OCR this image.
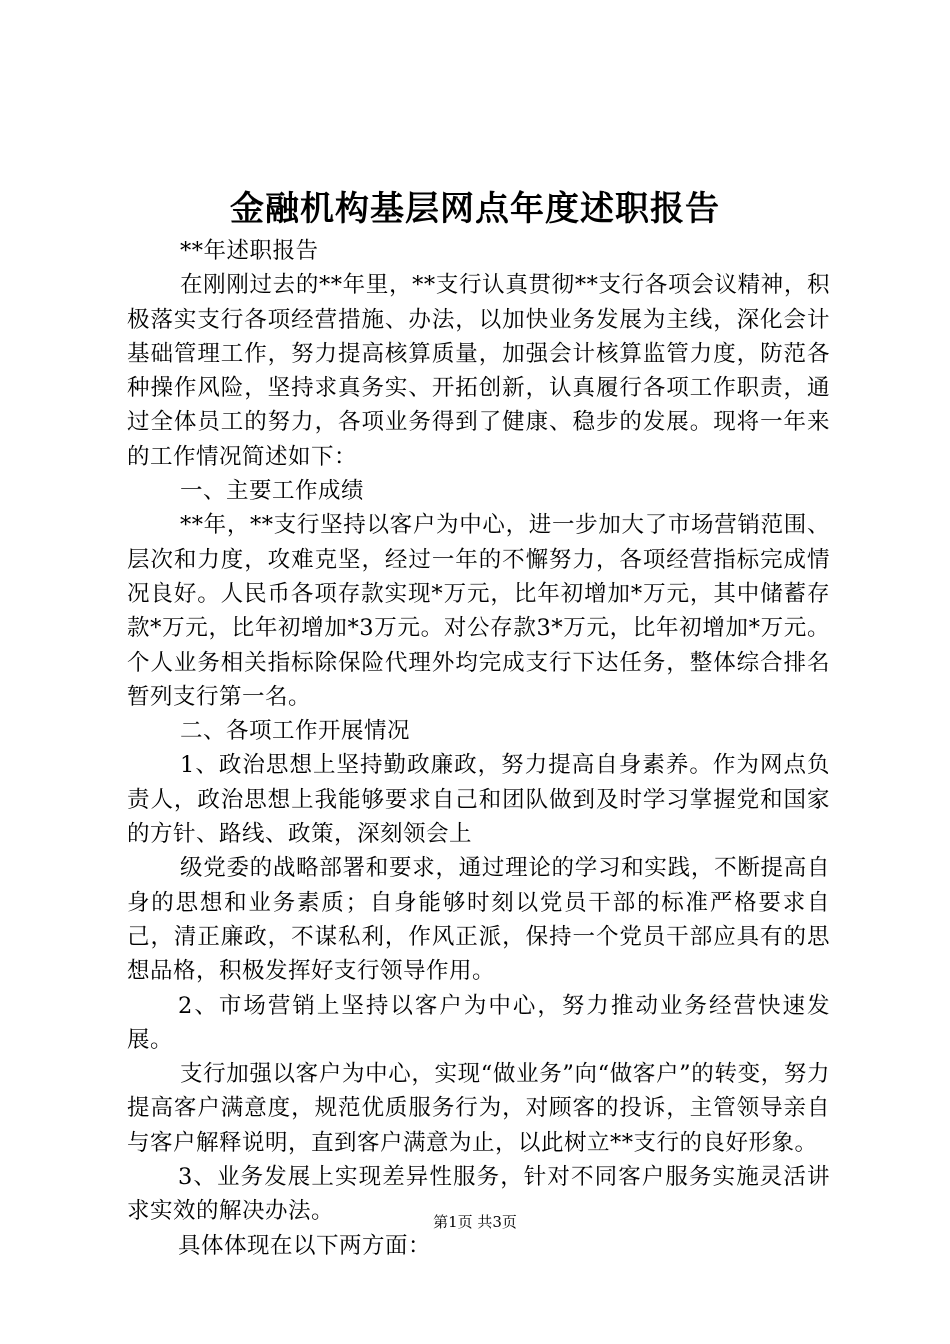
金融机构基层网点年度述职报告

**年述职报告

在刚刚过去的**年里，**支行认真贯彻**支行各项会议精神，积极落实支行各项经营措施、办法，以加快业务发展为主线，深化会计基础管理工作，努力提高核算质量，加强会计核算监管力度，防范各种操作风险，坚持求真务实、开拓创新，认真履行各项工作职责，通过全体员工的努力，各项业务得到了健康、稳步的发展。现将一年来的工作情况简述如下：

一、主要工作成绩

**年，**支行坚持以客户为中心，进一步加大了市场营销范围、层次和力度，攻难克坚，经过一年的不懈努力，各项经营指标完成情况良好。人民币各项存款实现*万元，比年初增加*万元，其中储蓄存款*万元，比年初增加*3万元。对公存款3*万元，比年初增加*万元。个人业务相关指标除保险代理外均完成支行下达任务，整体综合排名暂列支行第一名。

二、各项工作开展情况

1、政治思想上坚持勤政廉政，努力提高自身素养。作为网点负责人，政治思想上我能够要求自己和团队做到及时学习掌握党和国家的方针、路线、政策，深刻领会上

级党委的战略部署和要求，通过理论的学习和实践，不断提高自身的思想和业务素质；自身能够时刻以党员干部的标准严格要求自己，清正廉政，不谋私利，作风正派，保持一个党员干部应具有的思想品格，积极发挥好支行领导作用。

2、市场营销上坚持以客户为中心，努力推动业务经营快速发展。

支行加强以客户为中心，实现“做业务”向“做客户”的转变，努力提高客户满意度，规范优质服务行为，对顾客的投诉，主管领导亲自与客户解释说明，直到客户满意为止，以此树立**支行的良好形象。

3、业务发展上实现差异性服务，针对不同客户服务实施灵活讲求实效的解决办法。

具体体现在以下两方面：

第1页 共3页
